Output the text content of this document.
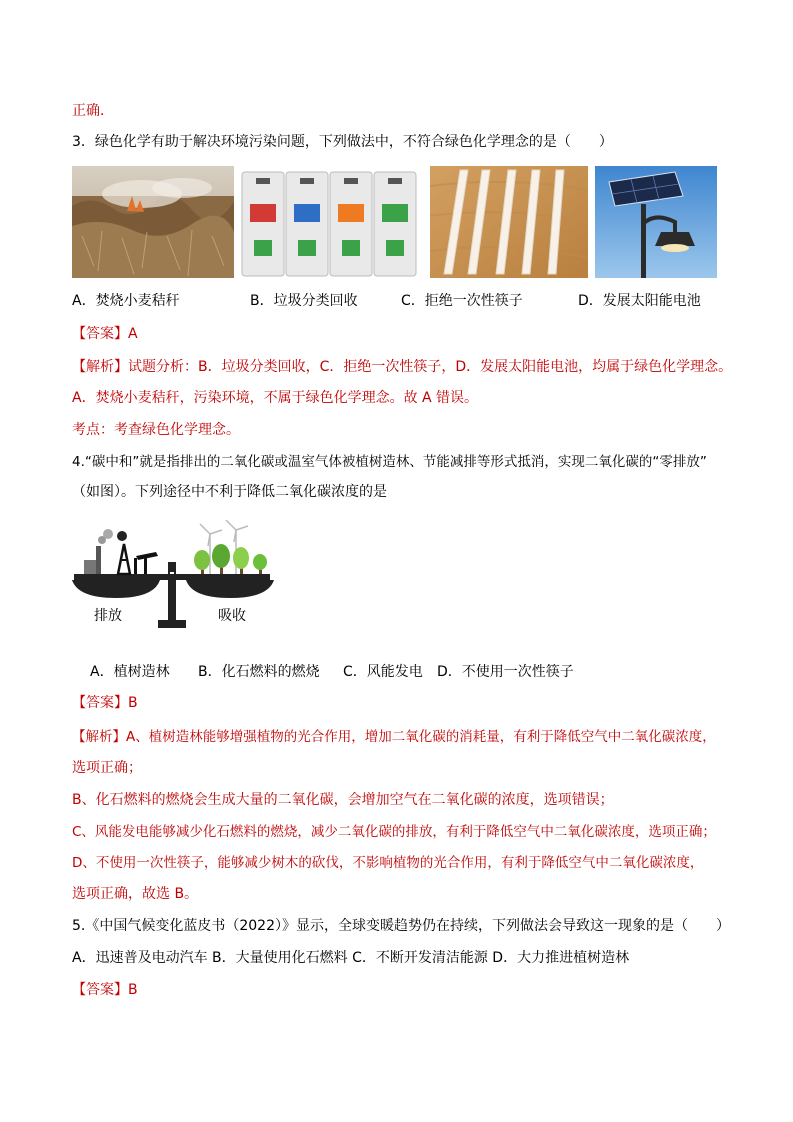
正确．
3．绿色化学有助于解决环境污染问题，下列做法中，不符合绿色化学理念的是（　　）
A．焚烧小麦秸秆	B．垃圾分类回收	C．拒绝一次性筷子	D．发展太阳能电池
【答案】A
【解析】试题分析：B．垃圾分类回收，C．拒绝一次性筷子，D．发展太阳能电池，均属于绿色化学理念。
A．焚烧小麦秸秆，污染环境，不属于绿色化学理念。故 A 错误。
考点：考查绿色化学理念。
4.“碳中和”就是指排出的二氧化碳或温室气体被植树造林、节能减排等形式抵消，实现二氧化碳的“零排放”
（如图）。下列途径中不利于降低二氧化碳浓度的是
排放	吸收
A．植树造林 B．化石燃料的燃烧 C．风能发电 D．不使用一次性筷子
【答案】B
【解析】A、植树造林能够增强植物的光合作用，增加二氧化碳的消耗量，有利于降低空气中二氧化碳浓度，
选项正确；
B、化石燃料的燃烧会生成大量的二氧化碳，会增加空气在二氧化碳的浓度，选项错误；
C、风能发电能够减少化石燃料的燃烧，减少二氧化碳的排放，有利于降低空气中二氧化碳浓度，选项正确；
D、不使用一次性筷子，能够减少树木的砍伐，不影响植物的光合作用，有利于降低空气中二氧化碳浓度，
选项正确，故选 B。
5.《中国气候变化蓝皮书（2022）》显示，全球变暖趋势仍在持续，下列做法会导致这一现象的是（　　）
A．迅速普及电动汽车 B．大量使用化石燃料 C．不断开发清洁能源 D．大力推进植树造林
【答案】B
